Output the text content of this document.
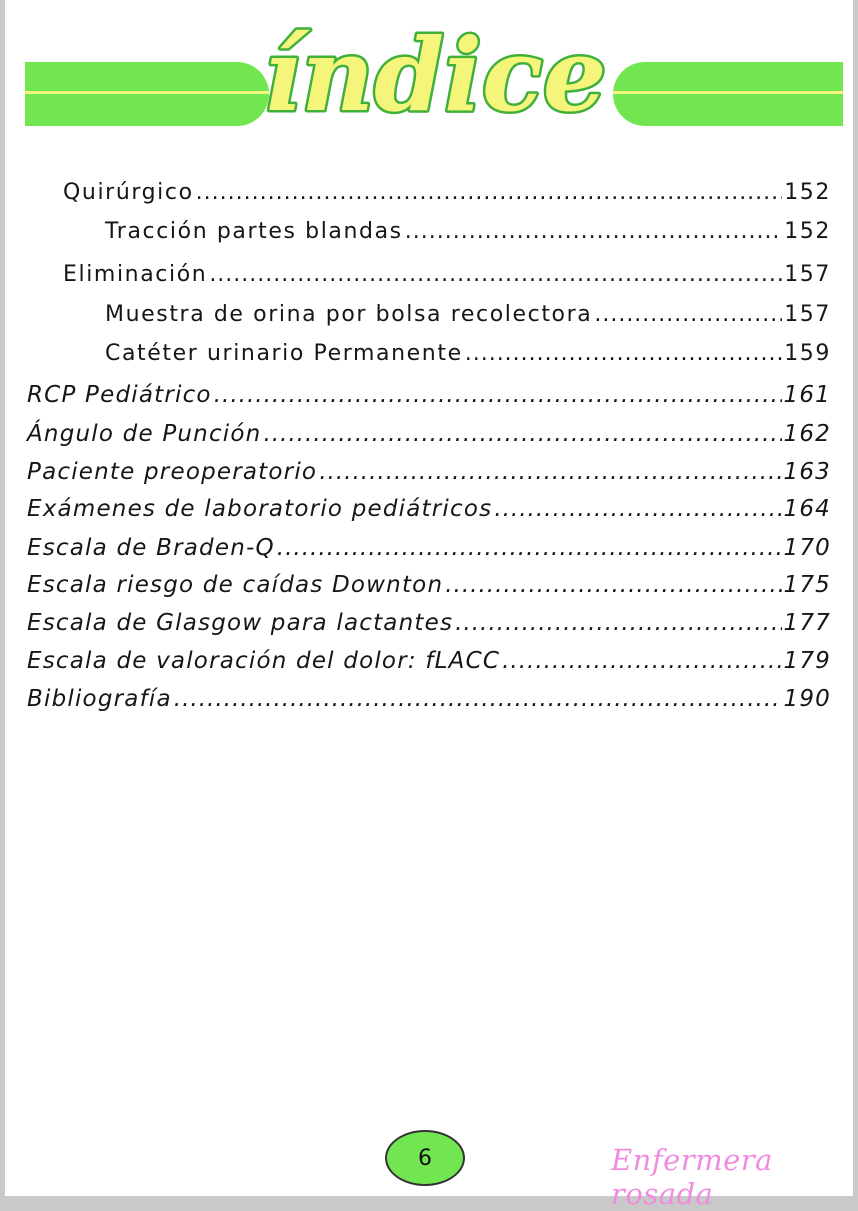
índice
Quirúrgico .....	152
Tracción partes blandas .....	152
Eliminación .....	157
Muestra de orina por bolsa recolectora .....	157
Catéter urinario Permanente .....	159
RCP Pediátrico .....	161
Ángulo de Punción .....	162
Paciente preoperatorio .....	163
Exámenes de laboratorio pediátricos .....	164
Escala de Braden-Q .....	170
Escala riesgo de caídas Downton .....	175
Escala de Glasgow para lactantes .....	177
Escala de valoración del dolor: fLACC .....	179
Bibliografía .....	190
6	Enfermera rosada
